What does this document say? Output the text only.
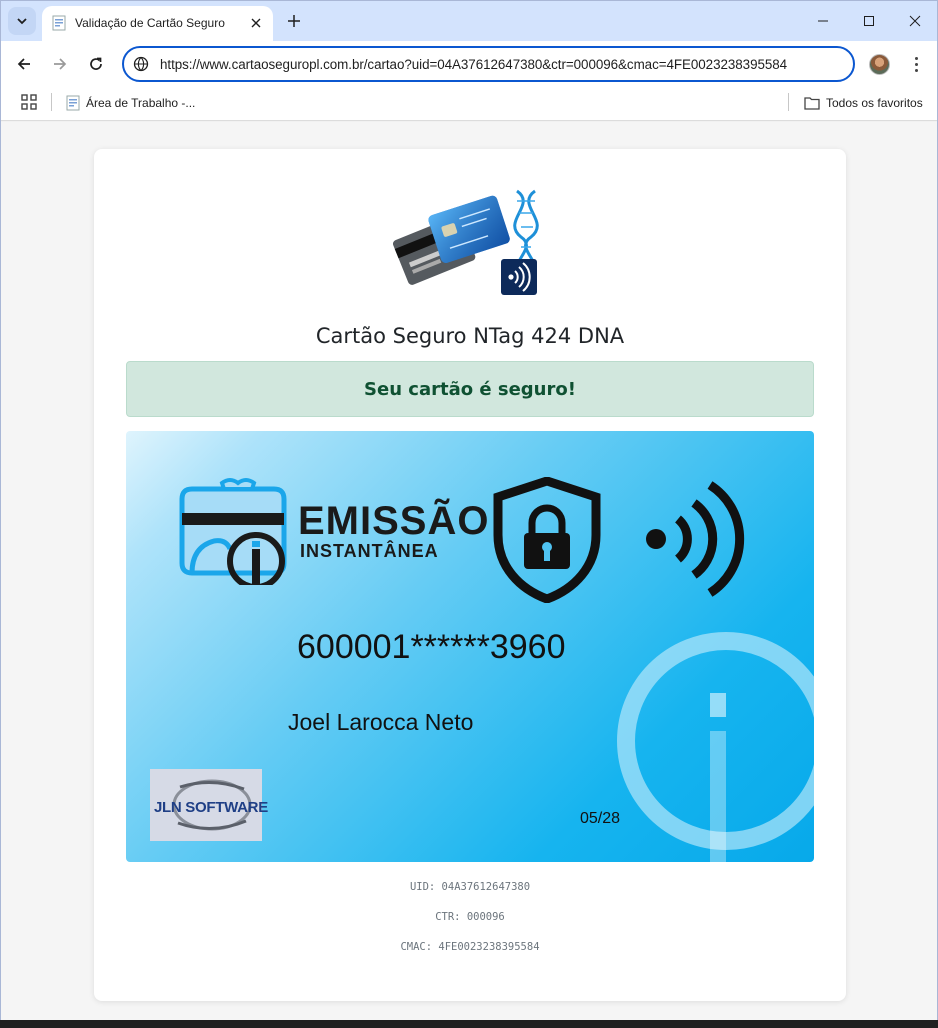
Validação de Cartão Seguro
https://www.cartaoseguropl.com.br/cartao?uid=04A37612647380&ctr=000096&cmac=4FE0023238395584
Área de Trabalho -...	Todos os favoritos
Cartão Seguro NTag 424 DNA
Seu cartão é seguro!
EMISSÃO
INSTANTÂNEA
600001******3960
Joel Larocca Neto
05/28
JLN SOFTWARE
UID: 04A37612647380
CTR: 000096
CMAC: 4FE0023238395584
